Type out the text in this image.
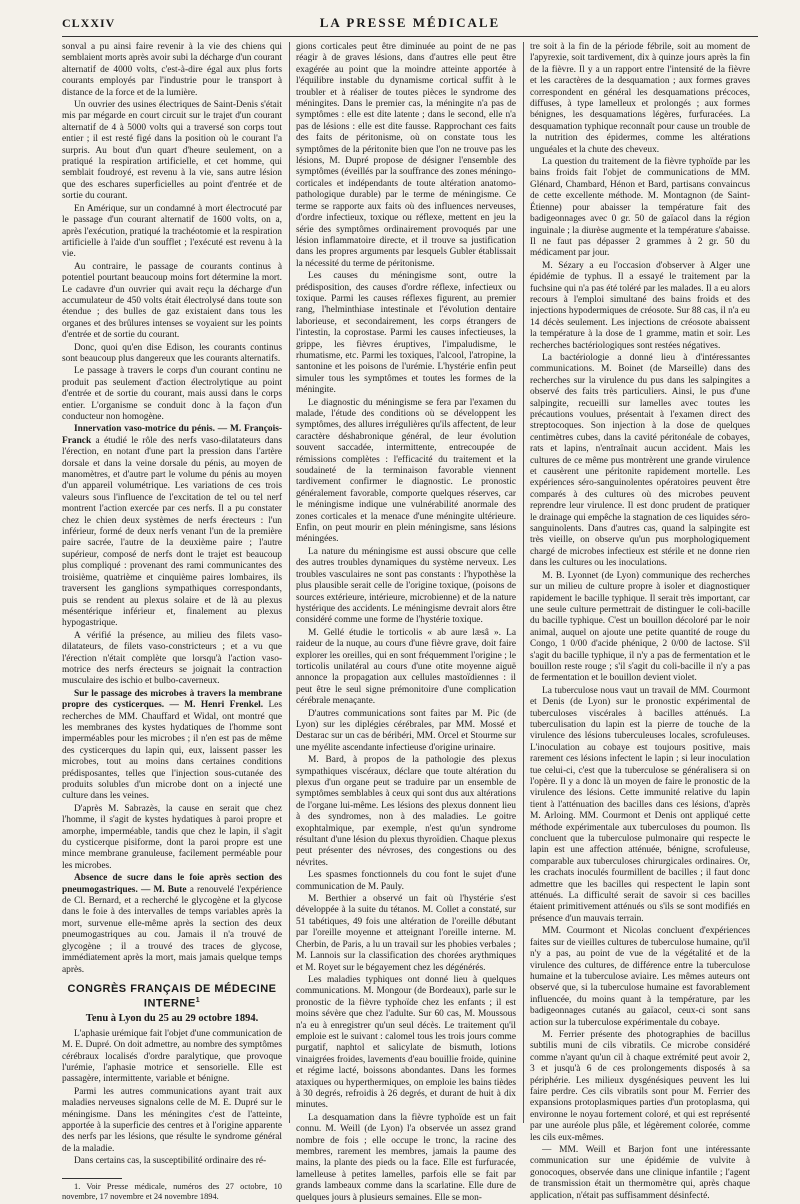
CLXXIV	LA PRESSE MÉDICALE

sonval a pu ainsi faire revenir à la vie des chiens qui semblaient morts après avoir subi la décharge d'un courant alternatif de 4000 volts, c'est-à-dire égal aux plus forts courants employés par l'industrie pour le transport à distance de la force et de la lumière.

Un ouvrier des usines électriques de Saint-Denis s'était mis par mégarde en court circuit sur le trajet d'un courant alternatif de 4 à 5000 volts qui a traversé son corps tout entier ; il est resté figé dans la position où le courant l'a surpris. Au bout d'un quart d'heure seulement, on a pratiqué la respiration artificielle, et cet homme, qui semblait foudroyé, est revenu à la vie, sans autre lésion que des eschares superficielles au point d'entrée et de sortie du courant.

En Amérique, sur un condamné à mort électrocuté par le passage d'un courant alternatif de 1600 volts, on a, après l'exécution, pratiqué la trachéotomie et la respiration artificielle à l'aide d'un soufflet ; l'exécuté est revenu à la vie.

Au contraire, le passage de courants continus à potentiel pourtant beaucoup moins fort détermine la mort. Le cadavre d'un ouvrier qui avait reçu la décharge d'un accumulateur de 450 volts était électrolysé dans toute son étendue ; des bulles de gaz existaient dans tous les organes et des brûlures intenses se voyaient sur les points d'entrée et de sortie du courant.

Donc, quoi qu'en dise Edison, les courants continus sont beaucoup plus dangereux que les courants alternatifs.

Le passage à travers le corps d'un courant continu ne produit pas seulement d'action électrolytique au point d'entrée et de sortie du courant, mais aussi dans le corps entier. L'organisme se conduit donc à la façon d'un conducteur non homogène.

Innervation vaso-motrice du pénis. — M. François-Franck a étudié le rôle des nerfs vaso-dilatateurs dans l'érection, en notant d'une part la pression dans l'artère dorsale et dans la veine dorsale du pénis, au moyen de manomètres, et d'autre part le volume du pénis au moyen d'un appareil volumétrique. Les variations de ces trois valeurs sous l'influence de l'excitation de tel ou tel nerf montrent l'action exercée par ces nerfs. Il a pu constater chez le chien deux systèmes de nerfs érecteurs : l'un inférieur, formé de deux nerfs venant l'un de la première paire sacrée, l'autre de la deuxième paire ; l'autre supérieur, composé de nerfs dont le trajet est beaucoup plus compliqué : provenant des rami communicantes des troisième, quatrième et cinquième paires lombaires, ils traversent les ganglions sympathiques correspondants, puis se rendent au plexus solaire et de là au plexus mésentérique inférieur et, finalement au plexus hypogastrique.

A vérifié la présence, au milieu des filets vaso-dilatateurs, de filets vaso-constricteurs ; et a vu que l'érection n'était complète que lorsqu'à l'action vaso-motrice des nerfs érecteurs se joignait la contraction musculaire des ischio et bulbo-caverneux.

Sur le passage des microbes à travers la membrane propre des cysticerques. — M. Henri Frenkel. Les recherches de MM. Chauffard et Widal, ont montré que les membranes des kystes hydatiques de l'homme sont imperméables pour les microbes ; il n'en est pas de même des cysticerques du lapin qui, eux, laissent passer les microbes, tout au moins dans certaines conditions prédisposantes, telles que l'injection sous-cutanée des produits solubles d'un microbe dont on a injecté une culture dans les veines.

D'après M. Sabrazès, la cause en serait que chez l'homme, il s'agit de kystes hydatiques à paroi propre et amorphe, imperméable, tandis que chez le lapin, il s'agit du cysticerque pisiforme, dont la paroi propre est une mince membrane granuleuse, facilement perméable pour les microbes.

Absence de sucre dans le foie après section des pneumogastriques. — M. Bute a renouvelé l'expérience de Cl. Bernard, et a recherché le glycogène et la glycose dans le foie à des intervalles de temps variables après la mort, survenue elle-même après la section des deux pneumogastriques au cou. Jamais il n'a trouvé de glycogène ; il a trouvé des traces de glycose, immédiatement après la mort, mais jamais quelque temps après.

CONGRÈS FRANÇAIS DE MÉDECINE INTERNE$^1$
Tenu à Lyon du 25 au 29 octobre 1894.

L'aphasie urémique fait l'objet d'une communication de M. E. Dupré. On doit admettre, au nombre des symptômes cérébraux localisés d'ordre paralytique, que provoque l'urémie, l'aphasie motrice et sensorielle. Elle est passagère, intermittente, variable et bénigne.

Parmi les autres communications ayant trait aux maladies nerveuses signalons celle de M. E. Dupré sur le méningisme. Dans les méningites c'est de l'atteinte, apportée à la superficie des centres et à l'origine apparente des nerfs par les lésions, que résulte le syndrome général de la maladie.

Dans certains cas, la susceptibilité ordinaire des ré-

1. Voir Presse médicale, numéros des 27 octobre, 10 novembre, 17 novembre et 24 novembre 1894.

gions corticales peut être diminuée au point de ne pas réagir à de graves lésions, dans d'autres elle peut être exagérée au point que la moindre atteinte apportée à l'équilibre instable du dynamisme cortical suffit à le troubler et à réaliser de toutes pièces le syndrome des méningites. Dans le premier cas, la méningite n'a pas de symptômes : elle est dite latente ; dans le second, elle n'a pas de lésions : elle est dite fausse. Rapprochant ces faits des faits de péritonisme, où on constate tous les symptômes de la péritonite bien que l'on ne trouve pas les lésions, M. Dupré propose de désigner l'ensemble des symptômes (éveillés par la souffrance des zones méningo-corticales et indépendants de toute altération anatomo-pathologique durable) par le terme de méningisme. Ce terme se rapporte aux faits où des influences nerveuses, d'ordre infectieux, toxique ou réflexe, mettent en jeu la série des symptômes ordinairement provoqués par une lésion inflammatoire directe, et il trouve sa justification dans les propres arguments par lesquels Gubler établissait la nécessité du terme de péritonisme.

Les causes du méningisme sont, outre la prédisposition, des causes d'ordre réflexe, infectieux ou toxique. Parmi les causes réflexes figurent, au premier rang, l'helminthiase intestinale et l'évolution dentaire laborieuse, et secondairement, les corps étrangers de l'intestin, la coprostase. Parmi les causes infectieuses, la grippe, les fièvres éruptives, l'impaludisme, le rhumatisme, etc. Parmi les toxiques, l'alcool, l'atropine, la santonine et les poisons de l'urémie. L'hystérie enfin peut simuler tous les symptômes et toutes les formes de la méningite.

Le diagnostic du méningisme se fera par l'examen du malade, l'étude des conditions où se développent les symptômes, des allures irrégulières qu'ils affectent, de leur caractère déshabronique général, de leur évolution souvent saccadée, intermittente, entrecoupée de rémissions complètes : l'efficacité du traitement et la soudaineté de la terminaison favorable viennent tardivement confirmer le diagnostic. Le pronostic généralement favorable, comporte quelques réserves, car le méningisme indique une vulnérabilité anormale des zones corticales et la menace d'une méningite ultérieure. Enfin, on peut mourir en plein méningisme, sans lésions méningées.

La nature du méningisme est aussi obscure que celle des autres troubles dynamiques du système nerveux. Les troubles vasculaires ne sont pas constants : l'hypothèse la plus plausible serait celle de l'origine toxique, (poisons de sources extérieure, intérieure, microbienne) et de la nature hystérique des accidents. Le méningisme devrait alors être considéré comme une forme de l'hystérie toxique.

M. Gellé étudie le torticolis « ab aure læsâ ». La raideur de la nuque, au cours d'une fièvre grave, doit faire explorer les oreilles, qui en sont fréquemment l'origine ; le torticolis unilatéral au cours d'une otite moyenne aiguë annonce la propagation aux cellules mastoïdiennes : il peut être le seul signe prémonitoire d'une complication cérébrale menaçante.

D'autres communications sont faites par M. Pic (de Lyon) sur les diplégies cérébrales, par MM. Mossé et Destarac sur un cas de béribéri, MM. Orcel et Stourme sur une myélite ascendante infectieuse d'origine urinaire.

M. Bard, à propos de la pathologie des plexus sympathiques viscéraux, déclare que toute altération du plexus d'un organe peut se traduire par un ensemble de symptômes semblables à ceux qui sont dus aux altérations de l'organe lui-même. Les lésions des plexus donnent lieu à des syndromes, non à des maladies. Le goitre exophtalmique, par exemple, n'est qu'un syndrome résultant d'une lésion du plexus thyroïdien. Chaque plexus peut présenter des névroses, des congestions ou des névrites.

Les spasmes fonctionnels du cou font le sujet d'une communication de M. Pauly.

M. Berthier a observé un fait où l'hystérie s'est développée à la suite du tétanos. M. Collet a constaté, sur 51 tabétiques, 49 fois une altération de l'oreille débutant par l'oreille moyenne et atteignant l'oreille interne. M. Cherbin, de Paris, a lu un travail sur les phobies verbales ; M. Lannois sur la classification des chorées arythmiques et M. Royet sur le bégayement chez les dégénérés.

Les maladies typhiques ont donné lieu à quelques communications. M. Mongour (de Bordeaux), parle sur le pronostic de la fièvre typhoïde chez les enfants ; il est moins sévère que chez l'adulte. Sur 60 cas, M. Moussous n'a eu à enregistrer qu'un seul décès. Le traitement qu'il emploie est le suivant : calomel tous les trois jours comme purgatif, naphtol et salicylate de bismuth, lotions vinaigrées froides, lavements d'eau bouillie froide, quinine et régime lacté, boissons abondantes. Dans les formes ataxiques ou hyperthermiques, on emploie les bains tièdes à 30 degrés, refroidis à 26 degrés, et durant de huit à dix minutes.

La desquamation dans la fièvre typhoïde est un fait connu. M. Weill (de Lyon) l'a observée un assez grand nombre de fois ; elle occupe le tronc, la racine des membres, rarement les membres, jamais la paume des mains, la plante des pieds ou la face. Elle est furfuracée, lamelleuse à petites lamelles, parfois elle se fait par grands lambeaux comme dans la scarlatine. Elle dure de quelques jours à plusieurs semaines. Elle se mon-

tre soit à la fin de la période fébrile, soit au moment de l'apyrexie, soit tardivement, dix à quinze jours après la fin de la fièvre. Il y a un rapport entre l'intensité de la fièvre et les caractères de la desquamation ; aux formes graves correspondent en général les desquamations précoces, diffuses, à type lamelleux et prolongés ; aux formes bénignes, les desquamations légères, furfuracées. La desquamation typhique reconnaît pour cause un trouble de la nutrition des épidermes, comme les altérations unguéales et la chute des cheveux.

La question du traitement de la fièvre typhoïde par les bains froids fait l'objet de communications de MM. Glénard, Chambard, Hénon et Bard, partisans convaincus de cette excellente méthode. M. Montagnon (de Saint-Étienne) pour abaisser la température fait des badigeonnages avec 0 gr. 50 de gaïacol dans la région inguinale ; la diurèse augmente et la température s'abaisse. Il ne faut pas dépasser 2 grammes à 2 gr. 50 du médicament par jour.

M. Sézary a eu l'occasion d'observer à Alger une épidémie de typhus. Il a essayé le traitement par la fuchsine qui n'a pas été toléré par les malades. Il a eu alors recours à l'emploi simultané des bains froids et des injections hypodermiques de créosote. Sur 88 cas, il n'a eu 14 décès seulement. Les injections de créosote abaissent la température à la dose de 1 gramme, matin et soir. Les recherches bactériologiques sont restées négatives.

La bactériologie a donné lieu à d'intéressantes communications. M. Boinet (de Marseille) dans des recherches sur la virulence du pus dans les salpingites a observé des faits très particuliers. Ainsi, le pus d'une salpingite, recueilli sur lamelles avec toutes les précautions voulues, présentait à l'examen direct des streptocoques. Son injection à la dose de quelques centimètres cubes, dans la cavité péritonéale de cobayes, rats et lapins, n'entraînait aucun accident. Mais les cultures de ce même pus montrèrent une grande virulence et causèrent une péritonite rapidement mortelle. Les expériences séro-sanguinolentes opératoires peuvent être comparés à des cultures où des microbes peuvent reprendre leur virulence. Il est donc prudent de pratiquer le drainage qui empêche la stagnation de ces liquides séro-sanguinolents. Dans d'autres cas, quand la salpingite est très vieille, on observe qu'un pus morphologiquement chargé de microbes infectieux est stérile et ne donne rien dans les cultures ou les inoculations.

M. B. Lyonnet (de Lyon) communique des recherches sur un milieu de culture propre à isoler et diagnostiquer rapidement le bacille typhique. Il serait très important, car une seule culture permettrait de distinguer le coli-bacille du bacille typhique. C'est un bouillon décoloré par le noir animal, auquel on ajoute une petite quantité de rouge du Congo, 1 0/00 d'acide phénique, 2 0/00 de lactose. S'il s'agit du bacille typhique, il n'y a pas de fermentation et le bouillon reste rouge ; s'il s'agit du coli-bacille il n'y a pas de fermentation et le bouillon devient violet.

La tuberculose nous vaut un travail de MM. Courmont et Denis (de Lyon) sur le pronostic expérimental de tuberculoses viscérales à bacilles atténués. La tuberculisation du lapin est la pierre de touche de la virulence des lésions tuberculeuses locales, scrofuleuses. L'inoculation au cobaye est toujours positive, mais rarement ces lésions infectent le lapin ; si leur inoculation tue celui-ci, c'est que la tuberculose se généralisera si on l'opère. Il y a donc là un moyen de faire le pronostic de la virulence des lésions. Cette immunité relative du lapin tient à l'atténuation des bacilles dans ces lésions, d'après M. Arloing. MM. Courmont et Denis ont appliqué cette méthode expérimentale aux tuberculoses du poumon. Ils concluent que la tuberculose pulmonaire qui respecte le lapin est une affection atténuée, bénigne, scrofuleuse, comparable aux tuberculoses chirurgicales ordinaires. Or, les crachats inoculés fourmillent de bacilles ; il faut donc admettre que les bacilles qui respectent le lapin sont atténués. La difficulté serait de savoir si ces bacilles étaient primitivement atténués ou s'ils se sont modifiés en présence d'un mauvais terrain.

MM. Courmont et Nicolas concluent d'expériences faites sur de vieilles cultures de tuberculose humaine, qu'il n'y a pas, au point de vue de la végétalité et de la virulence des cultures, de différence entre la tuberculose humaine et la tuberculose aviaire. Les mêmes auteurs ont observé que, si la tuberculose humaine est favorablement influencée, du moins quant à la température, par les badigeonnages cutanés au gaïacol, ceux-ci sont sans action sur la tuberculose expérimentale du cobaye.

M. Ferrier présente des photographies de bacillus subtilis muni de cils vibratils. Ce microbe considéré comme n'ayant qu'un cil à chaque extrémité peut avoir 2, 3 et jusqu'à 6 de ces prolongements disposés à sa périphérie. Les milieux dysgénésiques peuvent les lui faire perdre. Ces cils vibratils sont pour M. Ferrier des expansions protoplasmiques parties d'un protoplasma, qui environne le noyau fortement coloré, et qui est représenté par une auréole plus pâle, et légèrement colorée, comme les cils eux-mêmes.

— MM. Weill et Barjon font une intéressante communication sur une épidémie de vulvite à gonocoques, observée dans une clinique infantile ; l'agent de transmission était un thermomètre qui, après chaque application, n'était pas suffisamment désinfecté.
